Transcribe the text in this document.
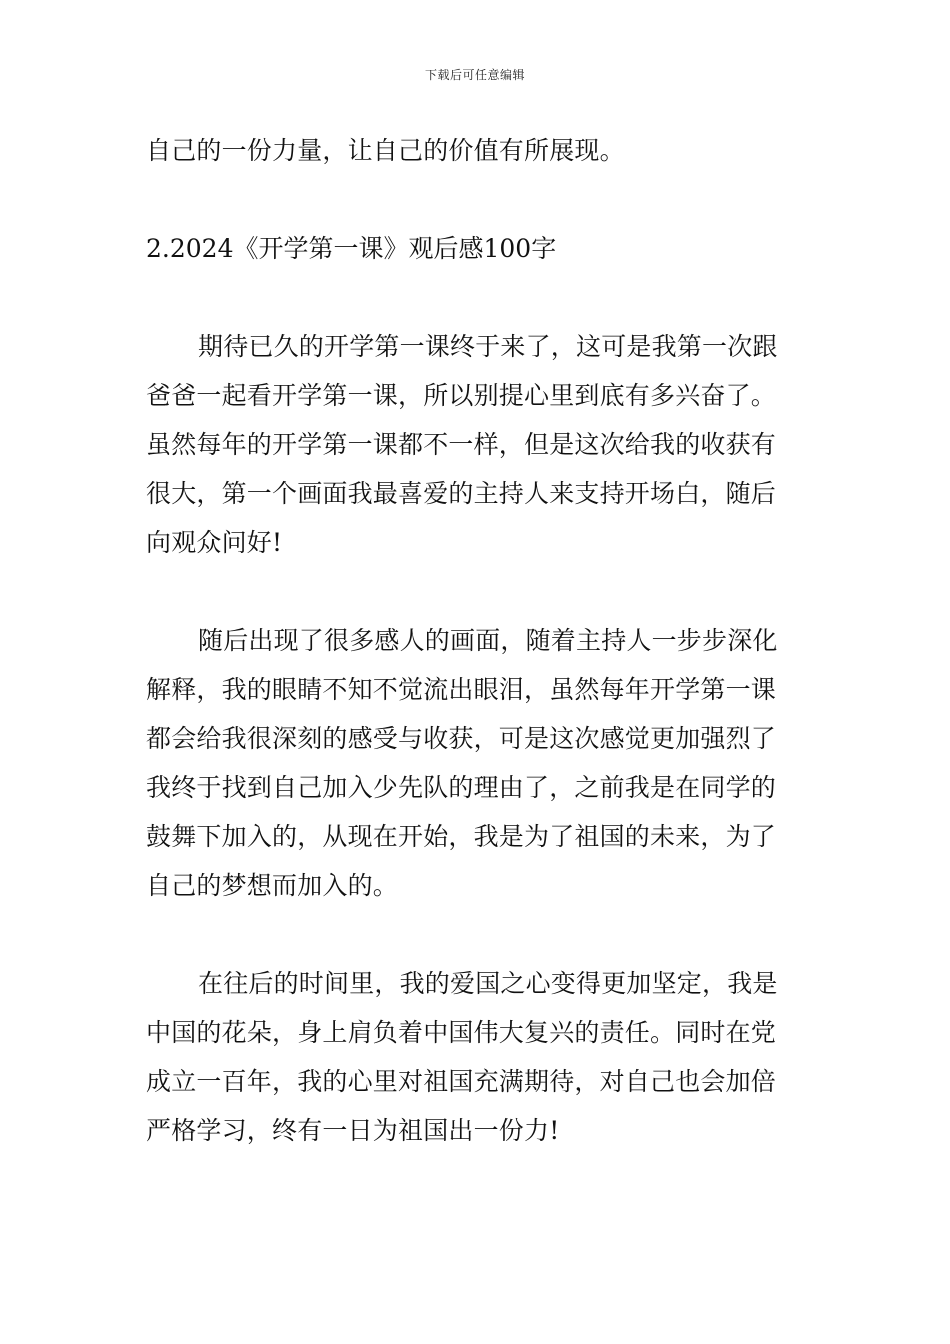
下载后可任意编辑
自己的一份力量，让自己的价值有所展现。
2.2024《开学第一课》观后感100字
期待已久的开学第一课终于来了，这可是我第一次跟
爸爸一起看开学第一课，所以别提心里到底有多兴奋了。
虽然每年的开学第一课都不一样，但是这次给我的收获有
很大，第一个画面我最喜爱的主持人来支持开场白，随后
向观众问好!
随后出现了很多感人的画面，随着主持人一步步深化
解释，我的眼睛不知不觉流出眼泪，虽然每年开学第一课
都会给我很深刻的感受与收获，可是这次感觉更加强烈了
我终于找到自己加入少先队的理由了，之前我是在同学的
鼓舞下加入的，从现在开始，我是为了祖国的未来，为了
自己的梦想而加入的。
在往后的时间里，我的爱国之心变得更加坚定，我是
中国的花朵，身上肩负着中国伟大复兴的责任。同时在党
成立一百年，我的心里对祖国充满期待，对自己也会加倍
严格学习，终有一日为祖国出一份力!
